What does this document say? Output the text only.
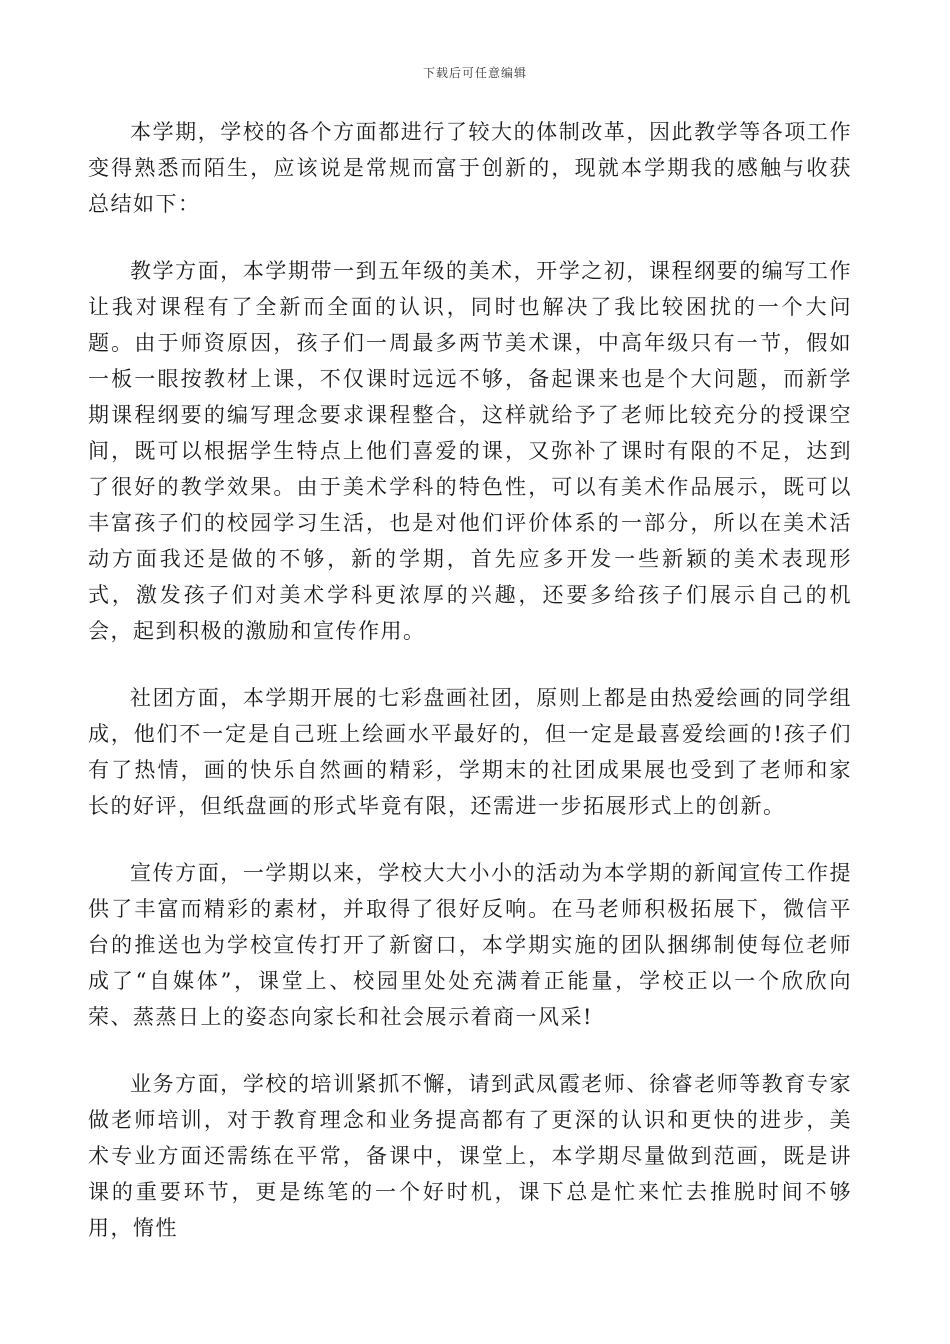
下载后可任意编辑

本学期，学校的各个方面都进行了较大的体制改革，因此教学等各项工作变得熟悉而陌生，应该说是常规而富于创新的，现就本学期我的感触与收获总结如下：

教学方面，本学期带一到五年级的美术，开学之初，课程纲要的编写工作让我对课程有了全新而全面的认识，同时也解决了我比较困扰的一个大问题。由于师资原因，孩子们一周最多两节美术课，中高年级只有一节，假如一板一眼按教材上课，不仅课时远远不够，备起课来也是个大问题，而新学期课程纲要的编写理念要求课程整合，这样就给予了老师比较充分的授课空间，既可以根据学生特点上他们喜爱的课，又弥补了课时有限的不足，达到了很好的教学效果。由于美术学科的特色性，可以有美术作品展示，既可以丰富孩子们的校园学习生活，也是对他们评价体系的一部分，所以在美术活动方面我还是做的不够，新的学期，首先应多开发一些新颖的美术表现形式，激发孩子们对美术学科更浓厚的兴趣，还要多给孩子们展示自己的机会，起到积极的激励和宣传作用。

社团方面，本学期开展的七彩盘画社团，原则上都是由热爱绘画的同学组成，他们不一定是自己班上绘画水平最好的，但一定是最喜爱绘画的!孩子们有了热情，画的快乐自然画的精彩，学期末的社团成果展也受到了老师和家长的好评，但纸盘画的形式毕竟有限，还需进一步拓展形式上的创新。

宣传方面，一学期以来，学校大大小小的活动为本学期的新闻宣传工作提供了丰富而精彩的素材，并取得了很好反响。在马老师积极拓展下，微信平台的推送也为学校宣传打开了新窗口，本学期实施的团队捆绑制使每位老师成了“自媒体”，课堂上、校园里处处充满着正能量，学校正以一个欣欣向荣、蒸蒸日上的姿态向家长和社会展示着商一风采!

业务方面，学校的培训紧抓不懈，请到武凤霞老师、徐睿老师等教育专家做老师培训，对于教育理念和业务提高都有了更深的认识和更快的进步，美术专业方面还需练在平常，备课中，课堂上，本学期尽量做到范画，既是讲课的重要环节，更是练笔的一个好时机，课下总是忙来忙去推脱时间不够用，惰性
